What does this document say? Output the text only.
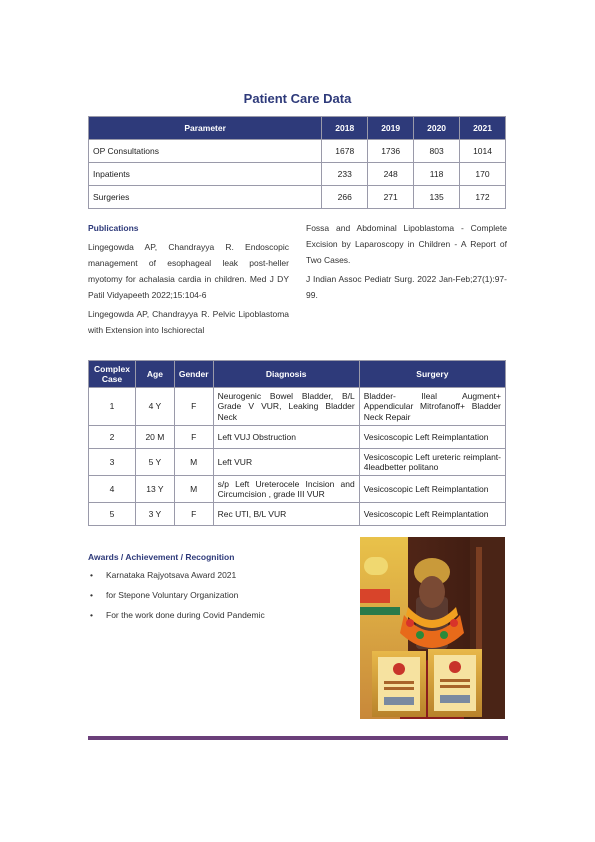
Patient Care Data
Parameter	2018	2019	2020	2021
OP Consultations	1678	1736	803	1014
Inpatients	233	248	118	170
Surgeries	266	271	135	172
Publications

Lingegowda AP, Chandrayya R. Endoscopic management of esophageal leak post-heller myotomy for achalasia cardia in children. Med J DY Patil Vidyapeeth 2022;15:104-6

Lingegowda AP, Chandrayya R. Pelvic Lipoblastoma with Extension into Ischiorectal

Fossa and Abdominal Lipoblastoma - Complete Excision by Laparoscopy in Children - A Report of Two Cases.

J Indian Assoc Pediatr Surg. 2022 Jan-Feb;27(1):97-99.

Complex Case	Age	Gender	Diagnosis	Surgery
1	4 Y	F	Neurogenic Bowel Bladder, B/L Grade V VUR, Leaking Bladder Neck	Bladder- Ileal Augment+ Appendicular Mitrofanoff+ Bladder Neck Repair
2	20 M	F	Left VUJ Obstruction	Vesicoscopic Left Reimplantation
3	5 Y	M	Left VUR	Vesicoscopic Left ureteric reimplant-4leadbetter politano
4	13 Y	M	s/p Left Ureterocele Incision and Circumcision , grade III VUR	Vesicoscopic Left Reimplantation
5	3 Y	F	Rec UTI, B/L VUR	Vesicoscopic Left Reimplantation
Awards / Achievement / Recognition
• Karnataka Rajyotsava Award 2021
• for Stepone Voluntary Organization
• For the work done during Covid Pandemic
